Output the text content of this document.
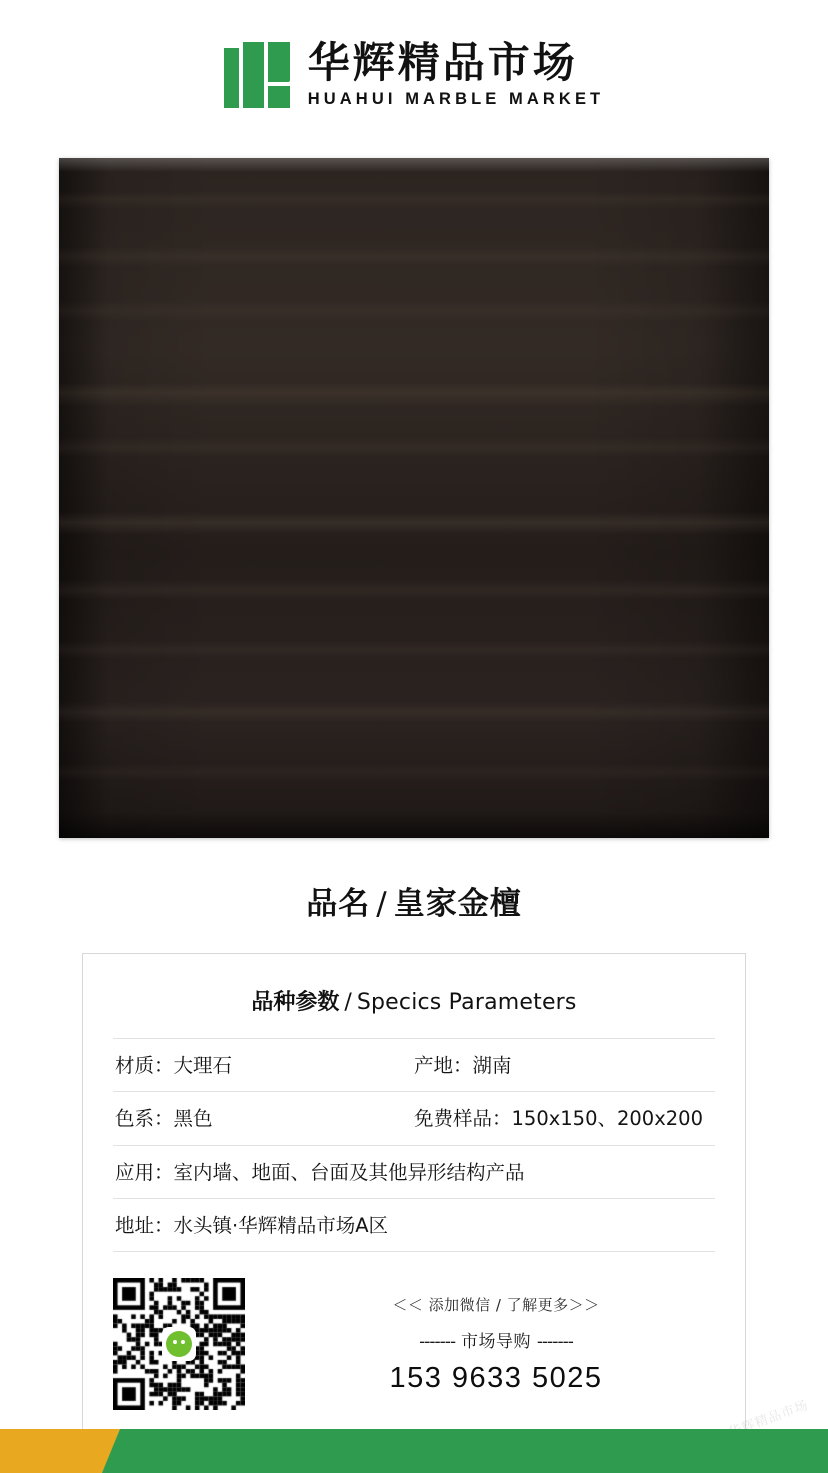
华辉精品市场
HUAHUI MARBLE MARKET
品名 / 皇家金檀
品种参数 / Specics Parameters
材质： 大理石	产地： 湖南
色系： 黑色	免费样品： 150x150、200x200
应用： 室内墙、地面、台面及其他异形结构产品
地址： 水头镇·华辉精品市场A区
＜＜ 添加微信 / 了解更多＞＞
------- 市场导购 -------
153 9633 5025
华辉精品市场
